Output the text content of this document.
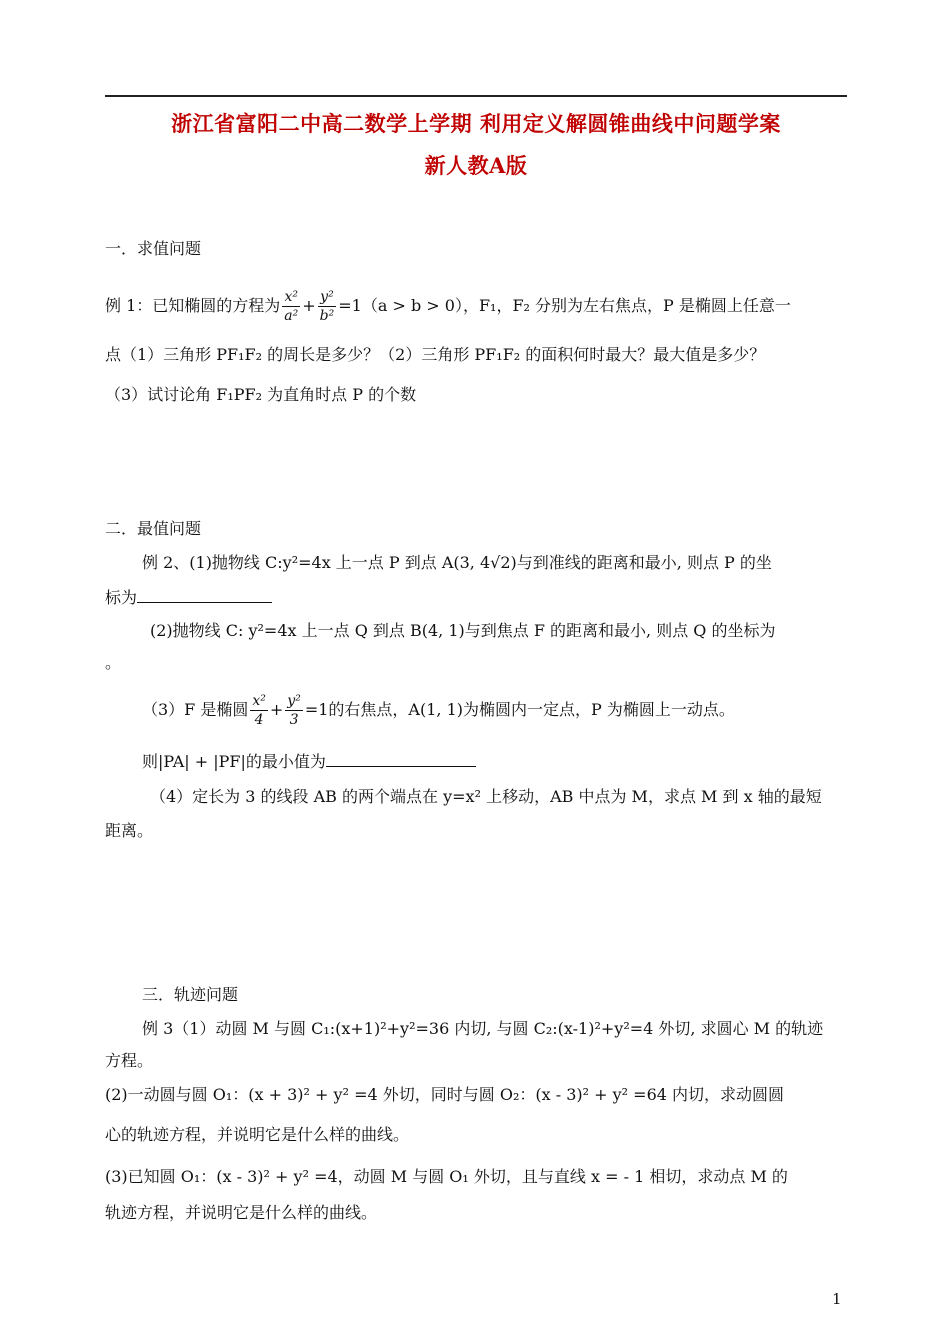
浙江省富阳二中高二数学上学期 利用定义解圆锥曲线中问题学案
新人教A版
一．求值问题
例 1：已知椭圆的方程为 $\frac{\text{x²}}{\text{a²}} + \frac{\text{y²}}{\text{b²}} =1(a > b > 0)$，F₁，F₂ 分别为左右焦点，P 是椭圆上任意一
点（1）三角形 PF₁F₂ 的周长是多少？（2）三角形 PF₁F₂ 的面积何时最大？最大值是多少？
（3）试讨论角 F₁PF₂ 为直角时点 P 的个数
二．最值问题
例 2、(1)抛物线 C:y²=4x 上一点 P 到点 A(3, 4√2)与到准线的距离和最小, 则点 P 的坐
标为
(2)抛物线 C: y²=4x 上一点 Q 到点 B(4, 1)与到焦点 F 的距离和最小, 则点 Q 的坐标为
。
（3）F 是椭圆 $\frac{\text{x²}}{4} + \frac{\text{y²}}{3} =1$的右焦点，A(1, 1)为椭圆内一定点，P 为椭圆上一动点。
则|PA| + |PF|的最小值为
（4）定长为 3 的线段 AB 的两个端点在 y=x² 上移动，AB 中点为 M，求点 M 到 x 轴的最短
距离。
三．轨迹问题
例 3（1）动圆 M 与圆 C₁:(x+1)²+y²=36 内切, 与圆 C₂:(x-1)²+y²=4 外切, 求圆心 M 的轨迹
方程。
(2)一动圆与圆 O₁：(x + 3)² + y² =4 外切，同时与圆 O₂：(x - 3)² + y² =64 内切，求动圆圆
心的轨迹方程，并说明它是什么样的曲线。
(3)已知圆 O₁：(x - 3)² + y² =4，动圆 M 与圆 O₁ 外切，且与直线 x = - 1 相切，求动点 M 的
轨迹方程，并说明它是什么样的曲线。
1
